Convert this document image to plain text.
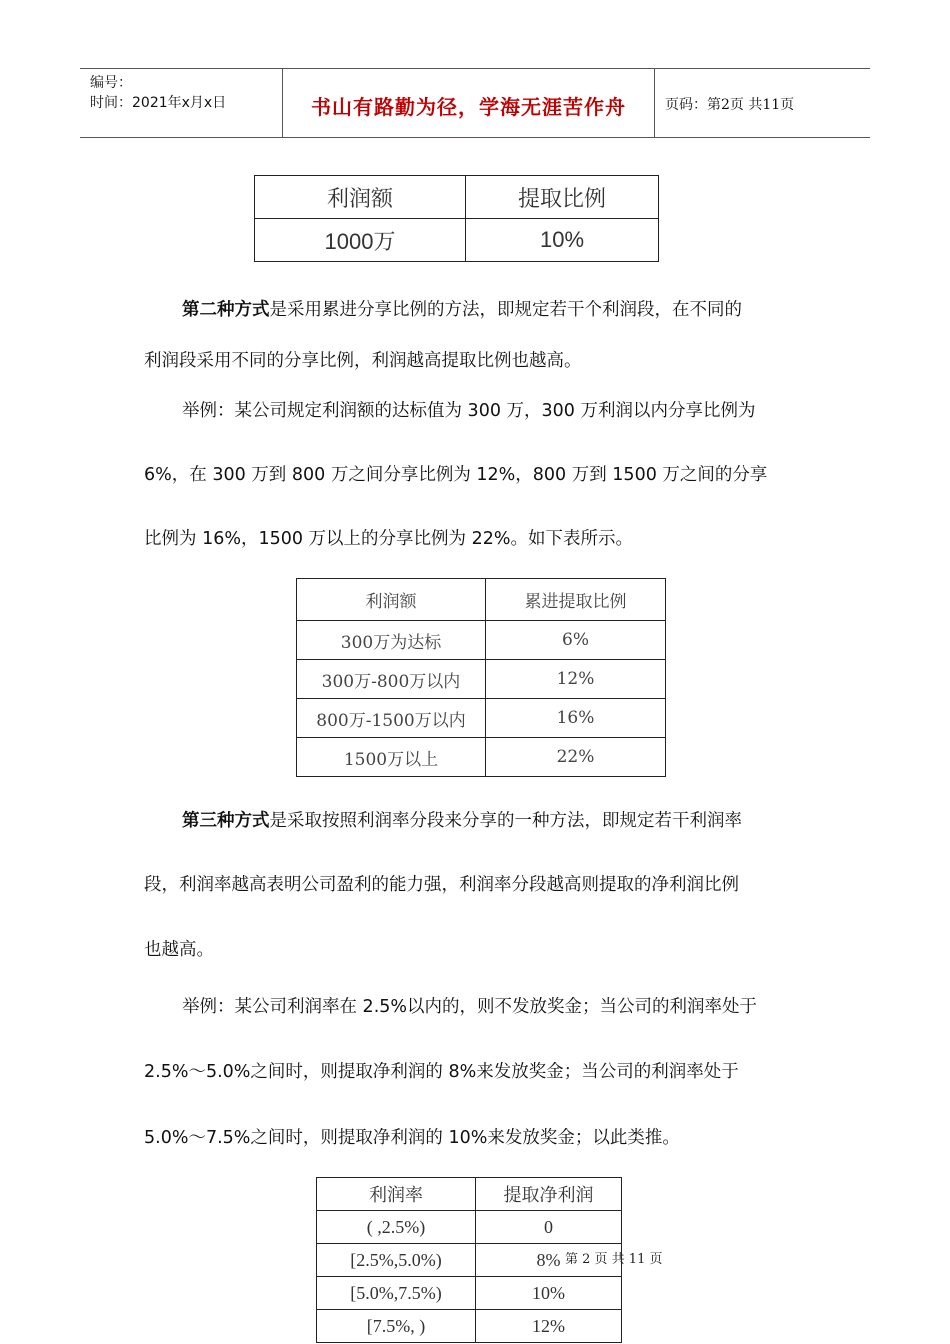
编号：
时间：2021年x月x日	书山有路勤为径，学海无涯苦作舟	页码：第2页 共11页
利润额	提取比例
1000万	10%
第二种方式是采用累进分享比例的方法，即规定若干个利润段，在不同的
利润段采用不同的分享比例，利润越高提取比例也越高。
举例：某公司规定利润额的达标值为 300 万，300 万利润以内分享比例为
6%，在 300 万到 800 万之间分享比例为 12%，800 万到 1500 万之间的分享
比例为 16%，1500 万以上的分享比例为 22%。如下表所示。
利润额	累进提取比例
300万为达标	6%
300万-800万以内	12%
800万-1500万以内	16%
1500万以上	22%
第三种方式是采取按照利润率分段来分享的一种方法，即规定若干利润率
段，利润率越高表明公司盈利的能力强，利润率分段越高则提取的净利润比例
也越高。
举例：某公司利润率在 2.5%以内的，则不发放奖金；当公司的利润率处于
2.5%～5.0%之间时，则提取净利润的 8%来发放奖金；当公司的利润率处于
5.0%～7.5%之间时，则提取净利润的 10%来发放奖金；以此类推。
利润率	提取净利润
( ,2.5%)	0
[2.5%,5.0%)	8%
[5.0%,7.5%)	10%
[7.5%, )	12%
第 2 页 共 11 页
